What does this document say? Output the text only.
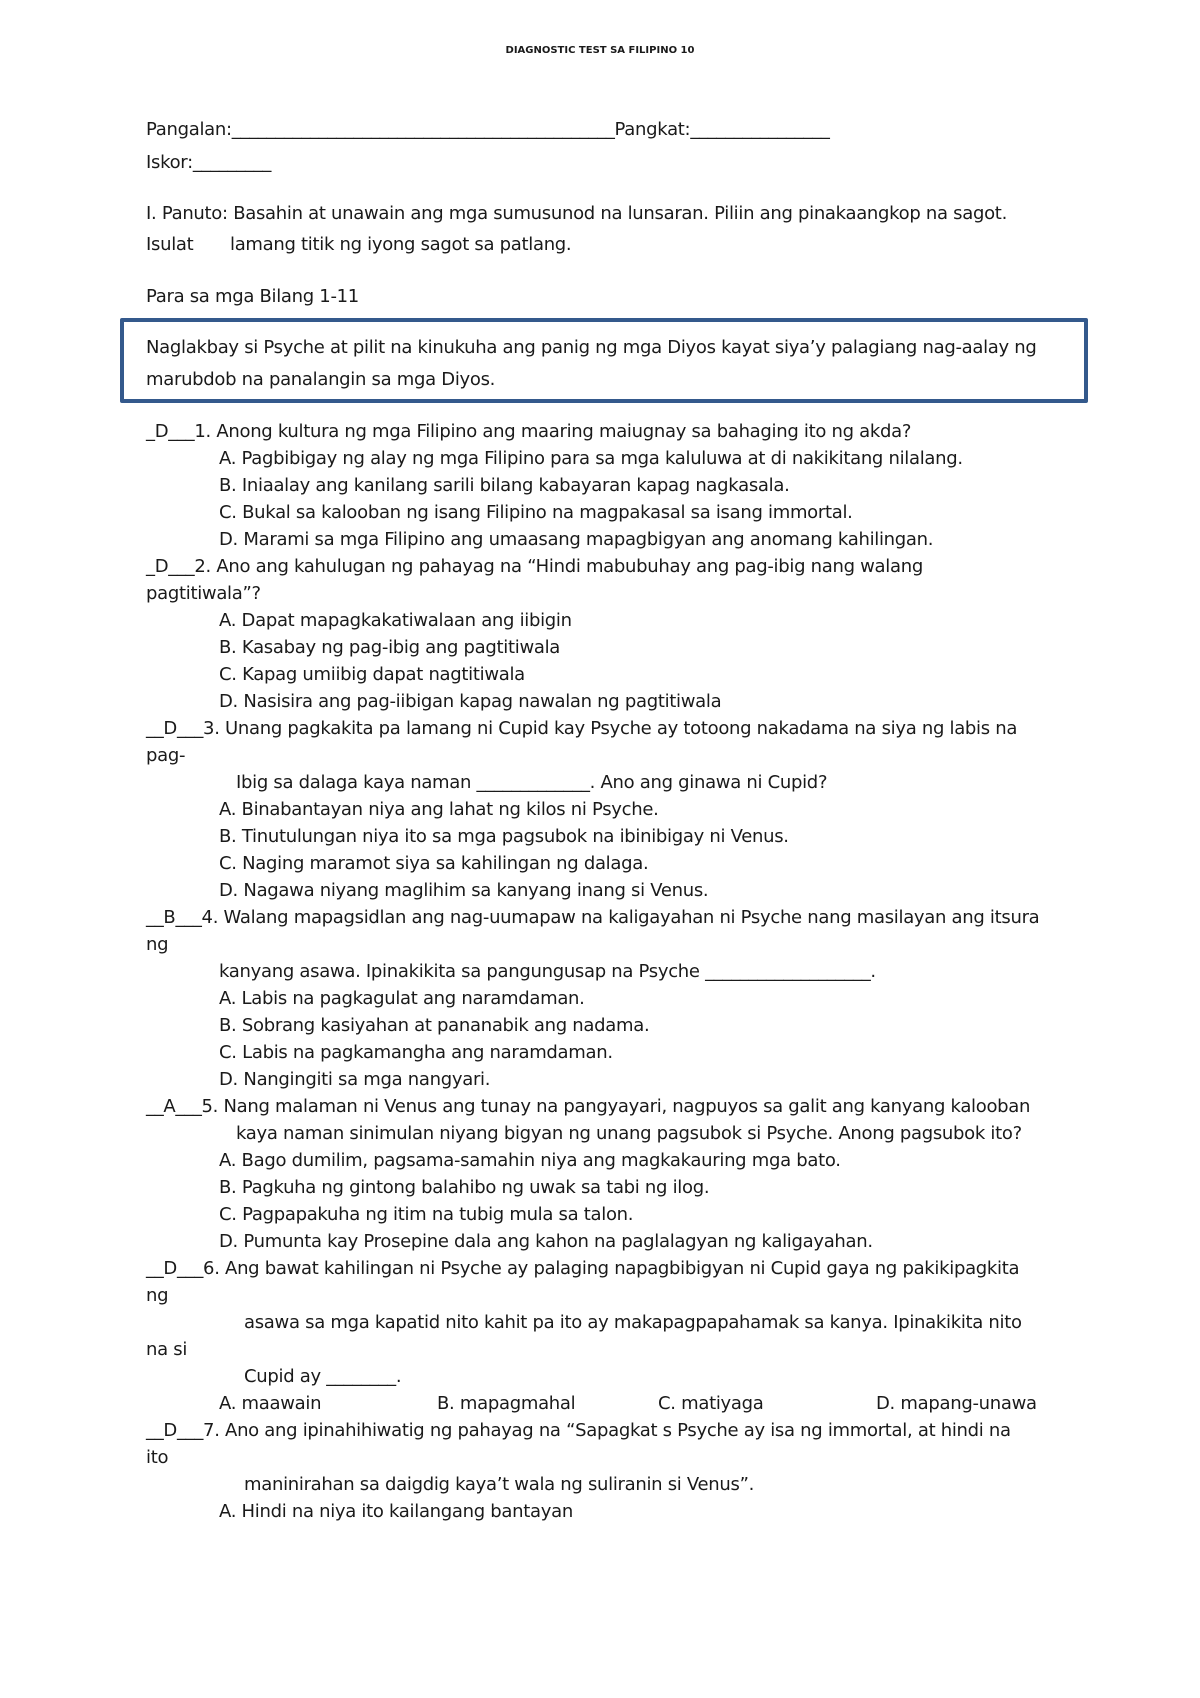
DIAGNOSTIC TEST SA FILIPINO 10
Pangalan:____________________________________________Pangkat:________________
Iskor:_________
I. Panuto: Basahin at unawain ang mga sumusunod na lunsaran. Piliin ang pinakaangkop na sagot.
Isulat lamang titik ng iyong sagot sa patlang.
Para sa mga Bilang 1-11
Naglakbay si Psyche at pilit na kinukuha ang panig ng mga Diyos kayat siya’y palagiang nag-aalay ng
marubdob na panalangin sa mga Diyos.
_D___1. Anong kultura ng mga Filipino ang maaring maiugnay sa bahaging ito ng akda?
A. Pagbibigay ng alay ng mga Filipino para sa mga kaluluwa at di nakikitang nilalang.
B. Iniaalay ang kanilang sarili bilang kabayaran kapag nagkasala.
C. Bukal sa kalooban ng isang Filipino na magpakasal sa isang immortal.
D. Marami sa mga Filipino ang umaasang mapagbigyan ang anomang kahilingan.
_D___2. Ano ang kahulugan ng pahayag na “Hindi mabubuhay ang pag-ibig nang walang
pagtitiwala”?
A. Dapat mapagkakatiwalaan ang iibigin
B. Kasabay ng pag-ibig ang pagtitiwala
C. Kapag umiibig dapat nagtitiwala
D. Nasisira ang pag-iibigan kapag nawalan ng pagtitiwala
__D___3. Unang pagkakita pa lamang ni Cupid kay Psyche ay totoong nakadama na siya ng labis na
pag-
Ibig sa dalaga kaya naman _____________. Ano ang ginawa ni Cupid?
A. Binabantayan niya ang lahat ng kilos ni Psyche.
B. Tinutulungan niya ito sa mga pagsubok na ibinibigay ni Venus.
C. Naging maramot siya sa kahilingan ng dalaga.
D. Nagawa niyang maglihim sa kanyang inang si Venus.
__B___4. Walang mapagsidlan ang nag-uumapaw na kaligayahan ni Psyche nang masilayan ang itsura
ng
kanyang asawa. Ipinakikita sa pangungusap na Psyche ___________________.
A. Labis na pagkagulat ang naramdaman.
B. Sobrang kasiyahan at pananabik ang nadama.
C. Labis na pagkamangha ang naramdaman.
D. Nangingiti sa mga nangyari.
__A___5. Nang malaman ni Venus ang tunay na pangyayari, nagpuyos sa galit ang kanyang kalooban
kaya naman sinimulan niyang bigyan ng unang pagsubok si Psyche. Anong pagsubok ito?
A. Bago dumilim, pagsama-samahin niya ang magkakauring mga bato.
B. Pagkuha ng gintong balahibo ng uwak sa tabi ng ilog.
C. Pagpapakuha ng itim na tubig mula sa talon.
D. Pumunta kay Prosepine dala ang kahon na paglalagyan ng kaligayahan.
__D___6. Ang bawat kahilingan ni Psyche ay palaging napagbibigyan ni Cupid gaya ng pakikipagkita
ng
asawa sa mga kapatid nito kahit pa ito ay makapagpapahamak sa kanya. Ipinakikita nito
na si
Cupid ay ________.
A. maawain	B. mapagmahal	C. matiyaga	D. mapang-unawa
__D___7. Ano ang ipinahihiwatig ng pahayag na “Sapagkat s Psyche ay isa ng immortal, at hindi na
ito
maninirahan sa daigdig kaya’t wala ng suliranin si Venus”.
A. Hindi na niya ito kailangang bantayan
